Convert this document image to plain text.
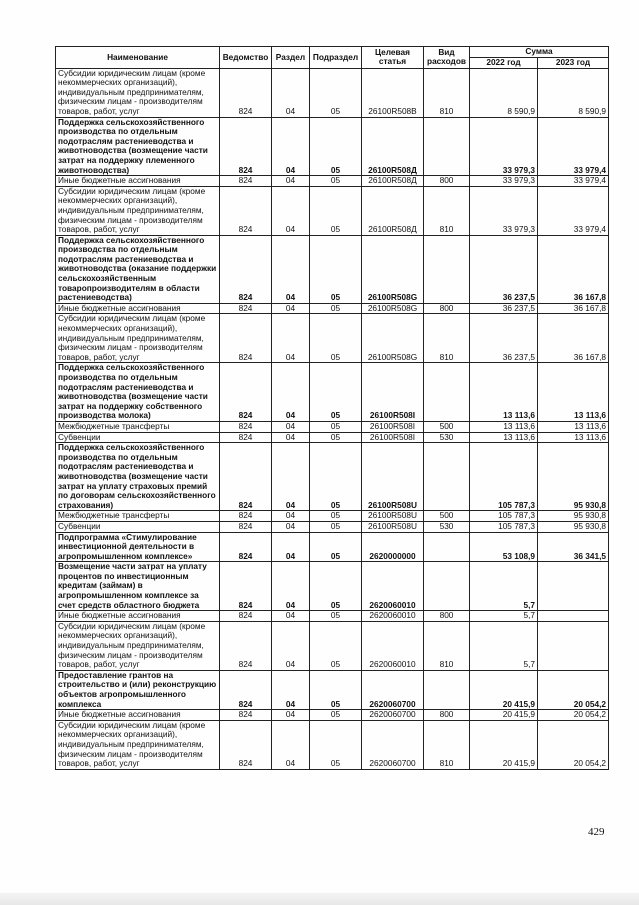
Наименование	Ведомство	Раздел	Подраздел	Целевая статья	Вид расходов	Сумма	
						2022 год	2023 год
Субсидии юридическим лицам (кроме некоммерческих организаций), индивидуальным предпринимателям, физическим лицам - производителям товаров, работ, услуг	824	04	05	26100R508B	810	8 590,9	8 590,9
Поддержка сельскохозяйственного производства по отдельным подотраслям растениеводства и животноводства (возмещение части затрат на поддержку племенного животноводства)	824	04	05	26100R508Д		33 979,3	33 979,4
Иные бюджетные ассигнования	824	04	05	26100R508Д	800	33 979,3	33 979,4
Субсидии юридическим лицам (кроме некоммерческих организаций), индивидуальным предпринимателям, физическим лицам - производителям товаров, работ, услуг	824	04	05	26100R508Д	810	33 979,3	33 979,4
Поддержка сельскохозяйственного производства по отдельным подотраслям растениеводства и животноводства (оказание поддержки сельскохозяйственным товаропроизводителям в области растениеводства)	824	04	05	26100R508G		36 237,5	36 167,8
Иные бюджетные ассигнования	824	04	05	26100R508G	800	36 237,5	36 167,8
Субсидии юридическим лицам (кроме некоммерческих организаций), индивидуальным предпринимателям, физическим лицам - производителям товаров, работ, услуг	824	04	05	26100R508G	810	36 237,5	36 167,8
Поддержка сельскохозяйственного производства по отдельным подотраслям растениеводства и животноводства (возмещение части затрат на поддержку собственного производства молока)	824	04	05	26100R508I		13 113,6	13 113,6
Межбюджетные трансферты	824	04	05	26100R508I	500	13 113,6	13 113,6
Субвенции	824	04	05	26100R508I	530	13 113,6	13 113,6
Поддержка сельскохозяйственного производства по отдельным подотраслям растениеводства и животноводства (возмещение части затрат на уплату страховых премий по договорам сельскохозяйственного страхования)	824	04	05	26100R508U		105 787,3	95 930,8
Межбюджетные трансферты	824	04	05	26100R508U	500	105 787,3	95 930,8
Субвенции	824	04	05	26100R508U	530	105 787,3	95 930,8
Подпрограмма «Стимулирование инвестиционной деятельности в агропромышленном комплексе»	824	04	05	2620000000		53 108,9	36 341,5
Возмещение части затрат на уплату процентов по инвестиционным кредитам (займам) в агропромышленном комплексе за счет средств областного бюджета	824	04	05	2620060010		5,7	
Иные бюджетные ассигнования	824	04	05	2620060010	800	5,7	
Субсидии юридическим лицам (кроме некоммерческих организаций), индивидуальным предпринимателям, физическим лицам - производителям товаров, работ, услуг	824	04	05	2620060010	810	5,7	
Предоставление грантов на строительство и (или) реконструкцию объектов агропромышленного комплекса	824	04	05	2620060700		20 415,9	20 054,2
Иные бюджетные ассигнования	824	04	05	2620060700	800	20 415,9	20 054,2
Субсидии юридическим лицам (кроме некоммерческих организаций), индивидуальным предпринимателям, физическим лицам - производителям товаров, работ, услуг	824	04	05	2620060700	810	20 415,9	20 054,2
429
